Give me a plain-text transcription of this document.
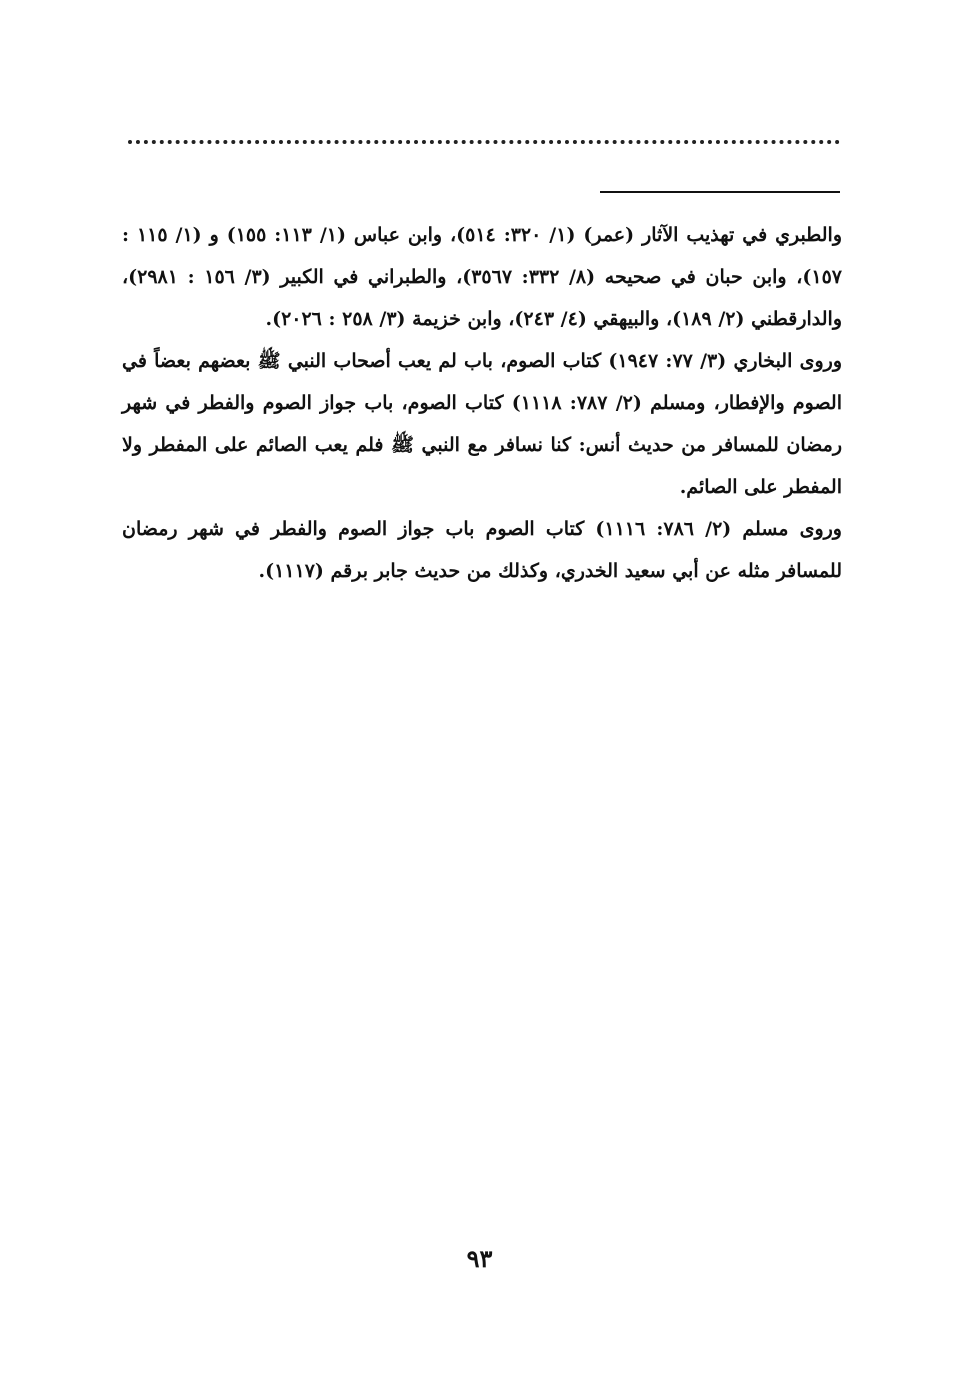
والطبري في تهذيب الآثار (عمر) (١/ ٣٢٠: ٥١٤)، وابن عباس (١/ ١١٣: ١٥٥) و (١/ ١١٥ : ١٥٧)، وابن حبان في صحيحه (٨/ ٣٣٢: ٣٥٦٧)، والطبراني في الكبير (٣/ ١٥٦ : ٢٩٨١)، والدارقطني (٢/ ١٨٩)، والبيهقي (٤/ ٢٤٣)، وابن خزيمة (٣/ ٢٥٨ : ٢٠٢٦).

وروى البخاري (٣/ ٧٧: ١٩٤٧) كتاب الصوم، باب لم يعب أصحاب النبي ﷺ بعضهم بعضاً في الصوم والإفطار، ومسلم (٢/ ٧٨٧: ١١١٨) كتاب الصوم، باب جواز الصوم والفطر في شهر رمضان للمسافر من حديث أنس: كنا نسافر مع النبي ﷺ فلم يعب الصائم على المفطر ولا المفطر على الصائم.

وروى مسلم (٢/ ٧٨٦: ١١١٦) كتاب الصوم باب جواز الصوم والفطر في شهر رمضان للمسافر مثله عن أبي سعيد الخدري، وكذلك من حديث جابر برقم (١١١٧).

٩٣
